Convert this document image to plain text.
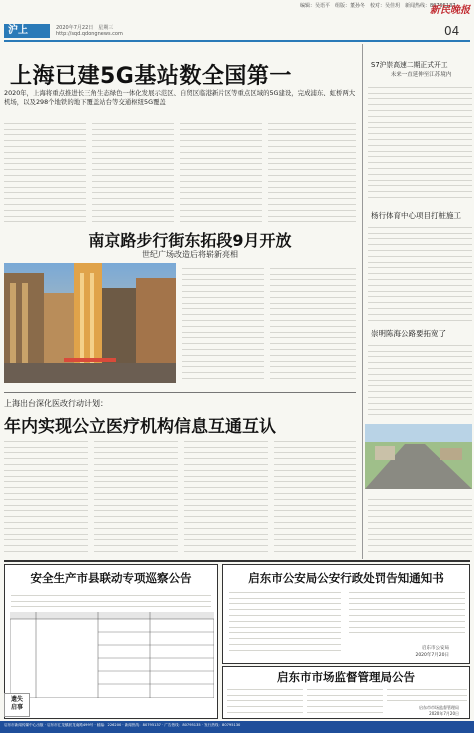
编辑：吴语平　组版：董孙冬　校对：吴佳玥　新闻热线：80795137
新民晚报
沪上	2020年7月22日　星期三
http://sqd.qdongnews.com	04
上海已建5G基站数全国第一
2020年，上海将重点推进长三角生态绿色一体化发展示范区、自贸区临港新片区等重点区域的5G建设，完成浦东、虹桥两大机场，以及298个地铁的地下覆盖站台等交通枢纽5G覆盖
南京路步行街东拓段9月开放
世纪广场改造后将崭新亮相
上海出台深化医改行动计划：
年内实现公立医疗机构信息互通互认
S7沪崇高速二期正式开工
未来一直延伸至江苏境内
杨行体育中心项目打桩施工
崇明陈海公路要拓宽了
安全生产市县联动专项巡察公告	启东市公安局公安行政处罚告知通知书
启东市公安局
2020年7月20日
启东市市场监督管理局公告
启东市市场监督管理局
2020年7月20日
遗失
启事
启东市新闻传媒中心出版 · 启东市汇龙镇跃龙南路499号 · 邮编：226200 · 新闻热线：80795137 · 广告热线：80795135 · 发行热线：80795130
